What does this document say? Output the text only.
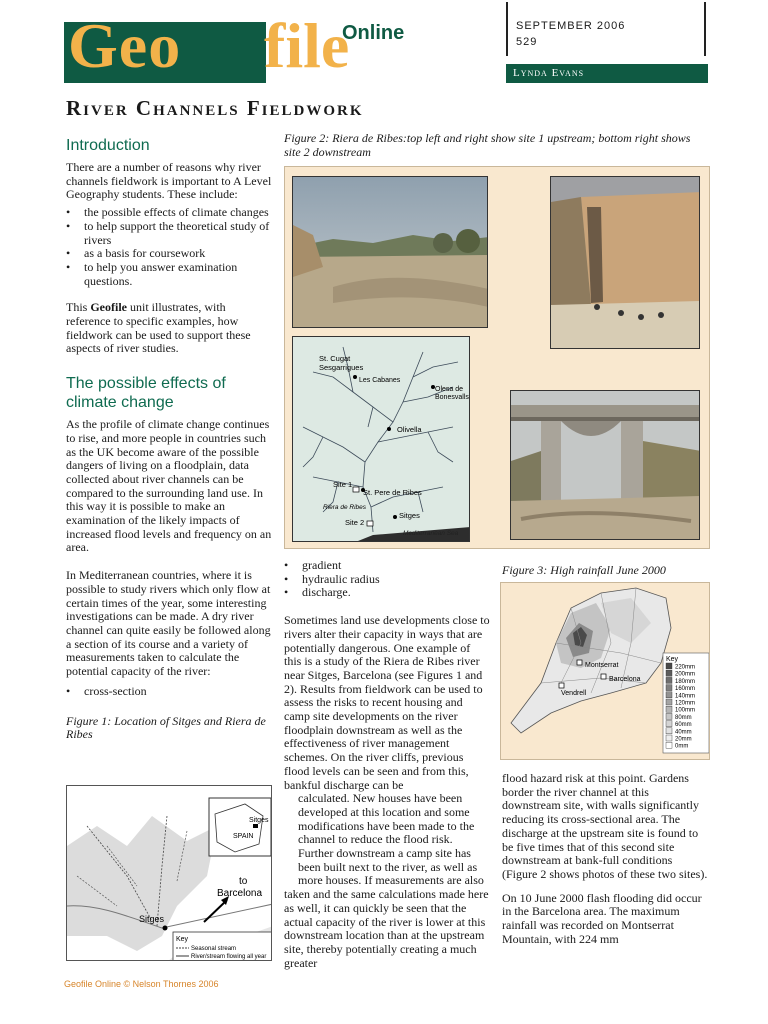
Geo file
Online	SEPTEMBER 2006
529
Lynda Evans
River Channels Fieldwork
Introduction

There are a number of reasons why river channels fieldwork is important to A Level Geography students. These include:

• the possible effects of climate changes
• to help support the theoretical study of rivers
• as a basis for coursework
• to help you answer examination questions.

This Geofile unit illustrates, with reference to specific examples, how fieldwork can be used to support these aspects of river studies.

The possible effects of climate change

As the profile of climate change continues to rise, and more people in countries such as the UK become aware of the possible dangers of living on a floodplain, data collected about river channels can be compared to the surrounding land use. In this way it is possible to make an examination of the likely impacts of increased flood levels and frequency on an area.

In Mediterranean countries, where it is possible to study rivers which only flow at certain times of the year, some interesting investigations can be made. A dry river channel can quite easily be followed along a section of its course and a variety of measurements taken to calculate the potential capacity of the river:

• cross-section
Figure 1: Location of Sitges and Riera de Ribes
Sitges
Sitges
SPAIN
to
Barcelona
Key
Seasonal stream
River/stream flowing all year
Figure 2: Riera de Ribes:top left and right show site 1 upstream; bottom right shows site 2 downstream
St. Cugat
Sesgarrigues
Les Cabanes
Olesa de
Bonesvalls
Olivella
Site 1
St. Pere de Ribes
Riera de Ribes
Site 2
Sitges
Mediterranean Sea
• gradient
• hydraulic radius
• discharge.

Sometimes land use developments close to rivers alter their capacity in ways that are potentially dangerous. One example of this is a study of the Riera de Ribes river near Sitges, Barcelona (see Figures 1 and 2). Results from fieldwork can be used to assess the risks to recent housing and camp site developments on the river floodplain downstream as well as the effectiveness of river management schemes. On the river cliffs, previous flood levels can be seen and from this, bankful discharge can be

calculated. New houses have been developed at this location and some modifications have been made to the channel to reduce the flood risk. Further downstream a camp site has been built next to the river, as well as

more houses. If measurements are also taken and the same calculations made here as well, it can quickly be seen that the actual capacity of the river is lower at this downstream location than at the upstream site, thereby potentially creating a much greater

Figure 3: High rainfall June 2000
Montserrat
Barcelona
Vendrell
Key
220mm
200mm
180mm
160mm
140mm
120mm
100mm
80mm
60mm
40mm
20mm
0mm

flood hazard risk at this point. Gardens border the river channel at this downstream site, with walls significantly reducing its cross-sectional area. The discharge at the upstream site is found to be five times that of this second site downstream at bank-full conditions (Figure 2 shows photos of these two sites).

On 10 June 2000 flash flooding did occur in the Barcelona area. The maximum rainfall was recorded on Montserrat Mountain, with 224 mm

Geofile Online © Nelson Thornes 2006
